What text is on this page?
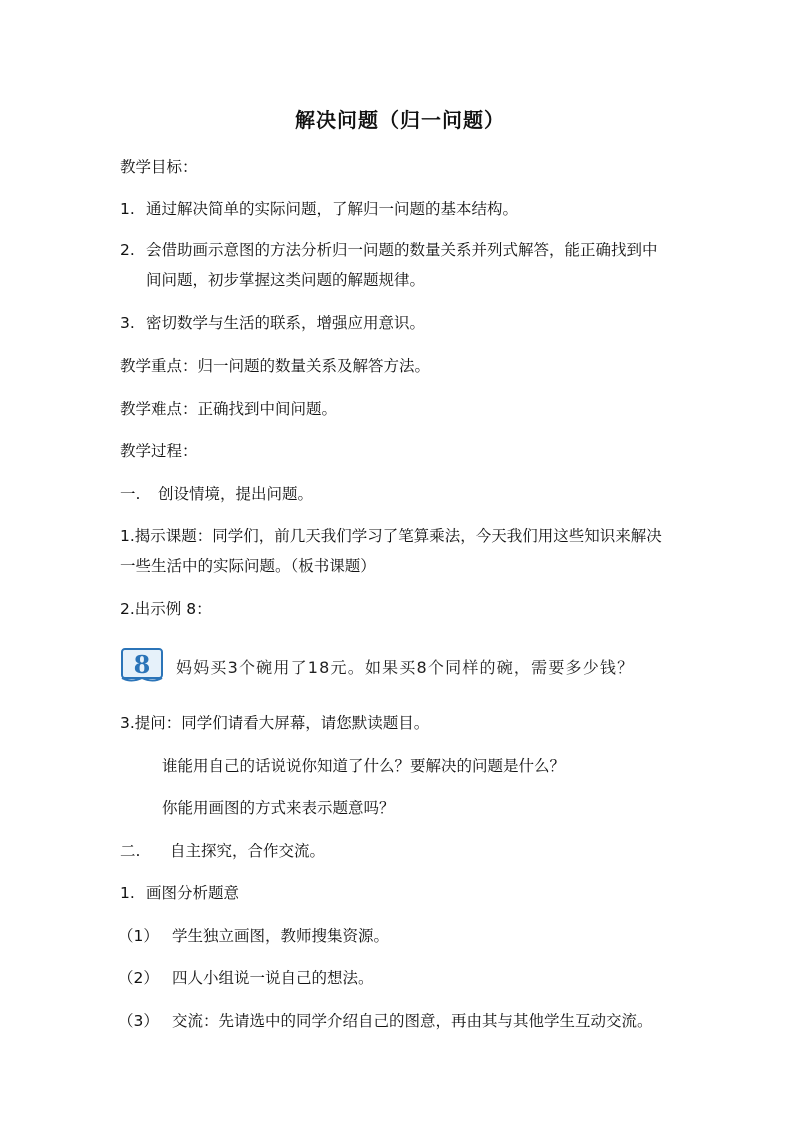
解决问题（归一问题）
教学目标：
1. 通过解决简单的实际问题，了解归一问题的基本结构。
2. 会借助画示意图的方法分析归一问题的数量关系并列式解答，能正确找到中
间问题，初步掌握这类问题的解题规律。
3. 密切数学与生活的联系，增强应用意识。
教学重点：归一问题的数量关系及解答方法。
教学难点：正确找到中间问题。
教学过程：
一. 创设情境，提出问题。
1.揭示课题：同学们，前几天我们学习了笔算乘法，今天我们用这些知识来解决
一些生活中的实际问题。（板书课题）
2.出示例 8：
8 妈妈买3个碗用了18元。如果买8个同样的碗，需要多少钱？
3.提问：同学们请看大屏幕，请您默读题目。
谁能用自己的话说说你知道了什么？要解决的问题是什么？
你能用画图的方式来表示题意吗？
二. 自主探究，合作交流。
1. 画图分析题意
（1） 学生独立画图，教师搜集资源。
（2） 四人小组说一说自己的想法。
（3） 交流：先请选中的同学介绍自己的图意，再由其与其他学生互动交流。
